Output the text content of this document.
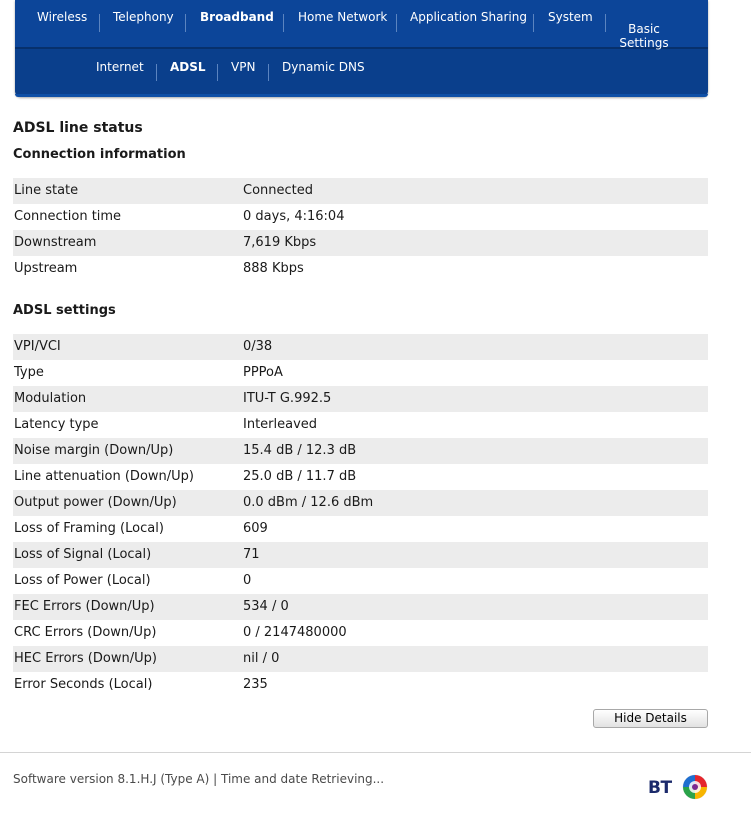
Wireless Telephony Broadband Home Network Application Sharing System
Basic Settings
Internet ADSL VPN Dynamic DNS
ADSL line status
Connection information
Line state	Connected
Connection time	0 days, 4:16:04
Downstream	7,619 Kbps
Upstream	888 Kbps
ADSL settings
VPI/VCI	0/38
Type	PPPoA
Modulation	ITU-T G.992.5
Latency type	Interleaved
Noise margin (Down/Up)	15.4 dB / 12.3 dB
Line attenuation (Down/Up)	25.0 dB / 11.7 dB
Output power (Down/Up)	0.0 dBm / 12.6 dBm
Loss of Framing (Local)	609
Loss of Signal (Local)	71
Loss of Power (Local)	0
FEC Errors (Down/Up)	534 / 0
CRC Errors (Down/Up)	0 / 2147480000
HEC Errors (Down/Up)	nil / 0
Error Seconds (Local)	235
Hide Details
Software version 8.1.H.J (Type A) | Time and date Retrieving...	BT
